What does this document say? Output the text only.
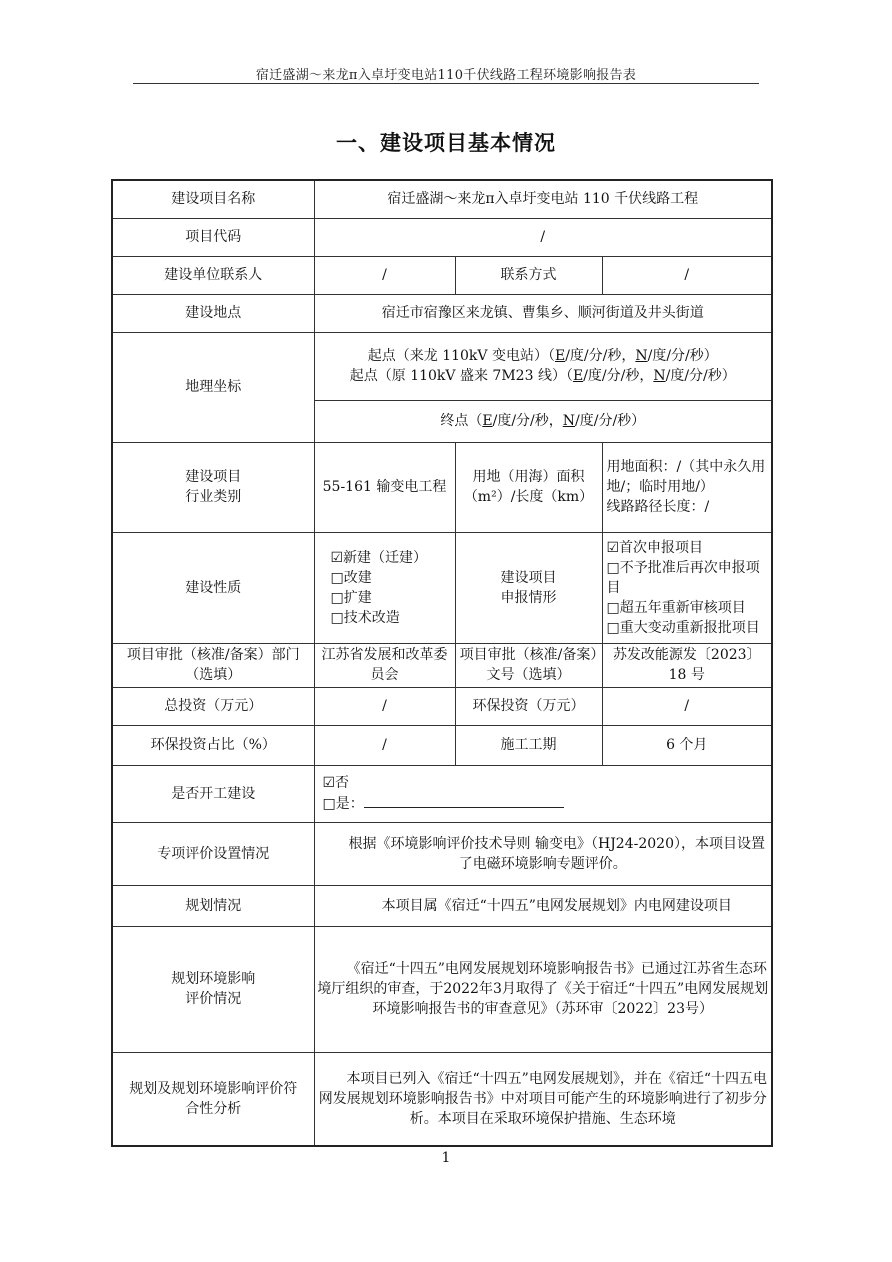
宿迁盛湖～来龙π入卓圩变电站110千伏线路工程环境影响报告表
一、建设项目基本情况
建设项目名称	宿迁盛湖～来龙π入卓圩变电站 110 千伏线路工程		
项目代码	/		
建设单位联系人	/	联系方式	/
建设地点	宿迁市宿豫区来龙镇、曹集乡、顺河街道及井头街道		
地理坐标	起点（来龙 110kV 变电站）（E/度/分/秒，N/度/分/秒）
起点（原 110kV 盛来 7M23 线）（E/度/分/秒，N/度/分/秒）		

	终点（E/度/分/秒，N/度/分/秒）		

建设项目
行业类别	55-161 输变电工程	用地（用海）面积（m²）/长度（km）	用地面积：/（其中永久用地/；临时用地/）
线路路径长度：/

建设性质	☑新建（迁建）
□改建
□扩建
□技术改造	建设项目
申报情形	☑首次申报项目
□不予批准后再次申报项目
□超五年重新审核项目
□重大变动重新报批项目

项目审批（核准/备案）部门（选填）	江苏省发展和改革委员会	项目审批（核准/备案）文号（选填）	苏发改能源发〔2023〕18 号
总投资（万元）	/	环保投资（万元）	/
环保投资占比（%）	/	施工工期	6 个月
是否开工建设	☑否
□是：		

专项评价设置情况	根据《环境影响评价技术导则 输变电》（HJ24-2020），本项目设置了电磁环境影响专题评价。		
规划情况	本项目属《宿迁“十四五”电网发展规划》内电网建设项目		

规划环境影响
评价情况	《宿迁“十四五”电网发展规划环境影响报告书》已通过江苏省生态环境厅组织的审查，于2022年3月取得了《关于宿迁“十四五”电网发展规划环境影响报告书的审查意见》（苏环审〔2022〕23号）		

规划及规划环境影响评价符
合性分析	本项目已列入《宿迁“十四五”电网发展规划》，并在《宿迁“十四五电网发展规划环境影响报告书》中对项目可能产生的环境影响进行了初步分析。本项目在采取环境保护措施、生态环境		
1
